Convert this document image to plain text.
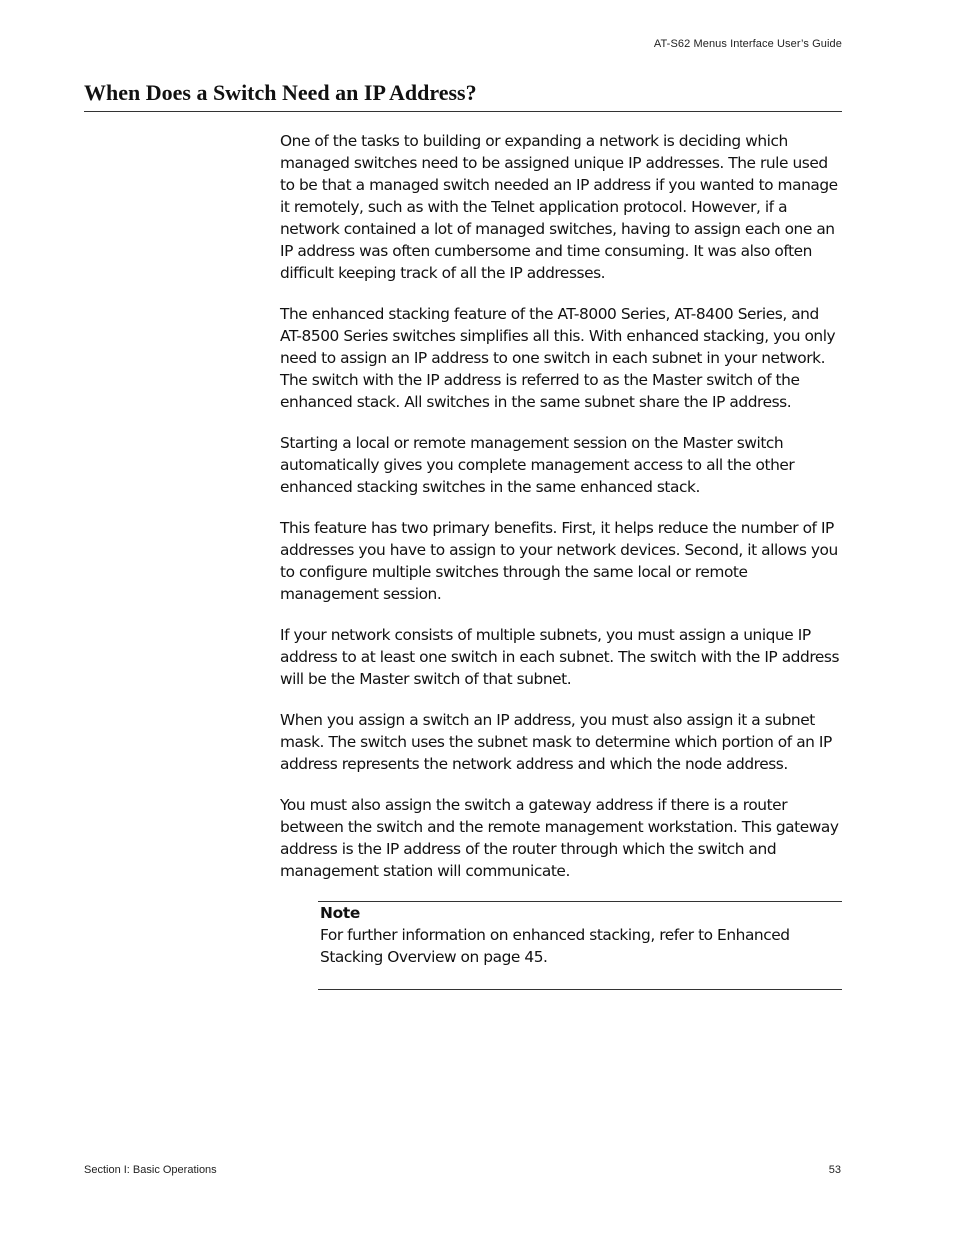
AT-S62 Menus Interface User’s Guide
When Does a Switch Need an IP Address?

One of the tasks to building or expanding a network is deciding which managed switches need to be assigned unique IP addresses. The rule used to be that a managed switch needed an IP address if you wanted to manage it remotely, such as with the Telnet application protocol. However, if a network contained a lot of managed switches, having to assign each one an IP address was often cumbersome and time consuming. It was also often difficult keeping track of all the IP addresses.

The enhanced stacking feature of the AT-8000 Series, AT-8400 Series, and AT-8500 Series switches simplifies all this. With enhanced stacking, you only need to assign an IP address to one switch in each subnet in your network. The switch with the IP address is referred to as the Master switch of the enhanced stack. All switches in the same subnet share the IP address.

Starting a local or remote management session on the Master switch automatically gives you complete management access to all the other enhanced stacking switches in the same enhanced stack.

This feature has two primary benefits. First, it helps reduce the number of IP addresses you have to assign to your network devices. Second, it allows you to configure multiple switches through the same local or remote management session.

If your network consists of multiple subnets, you must assign a unique IP address to at least one switch in each subnet. The switch with the IP address will be the Master switch of that subnet.

When you assign a switch an IP address, you must also assign it a subnet mask. The switch uses the subnet mask to determine which portion of an IP address represents the network address and which the node address.

You must also assign the switch a gateway address if there is a router between the switch and the remote management workstation. This gateway address is the IP address of the router through which the switch and management station will communicate.

Note

For further information on enhanced stacking, refer to Enhanced Stacking Overview on page 45.

Section I: Basic Operations	53
